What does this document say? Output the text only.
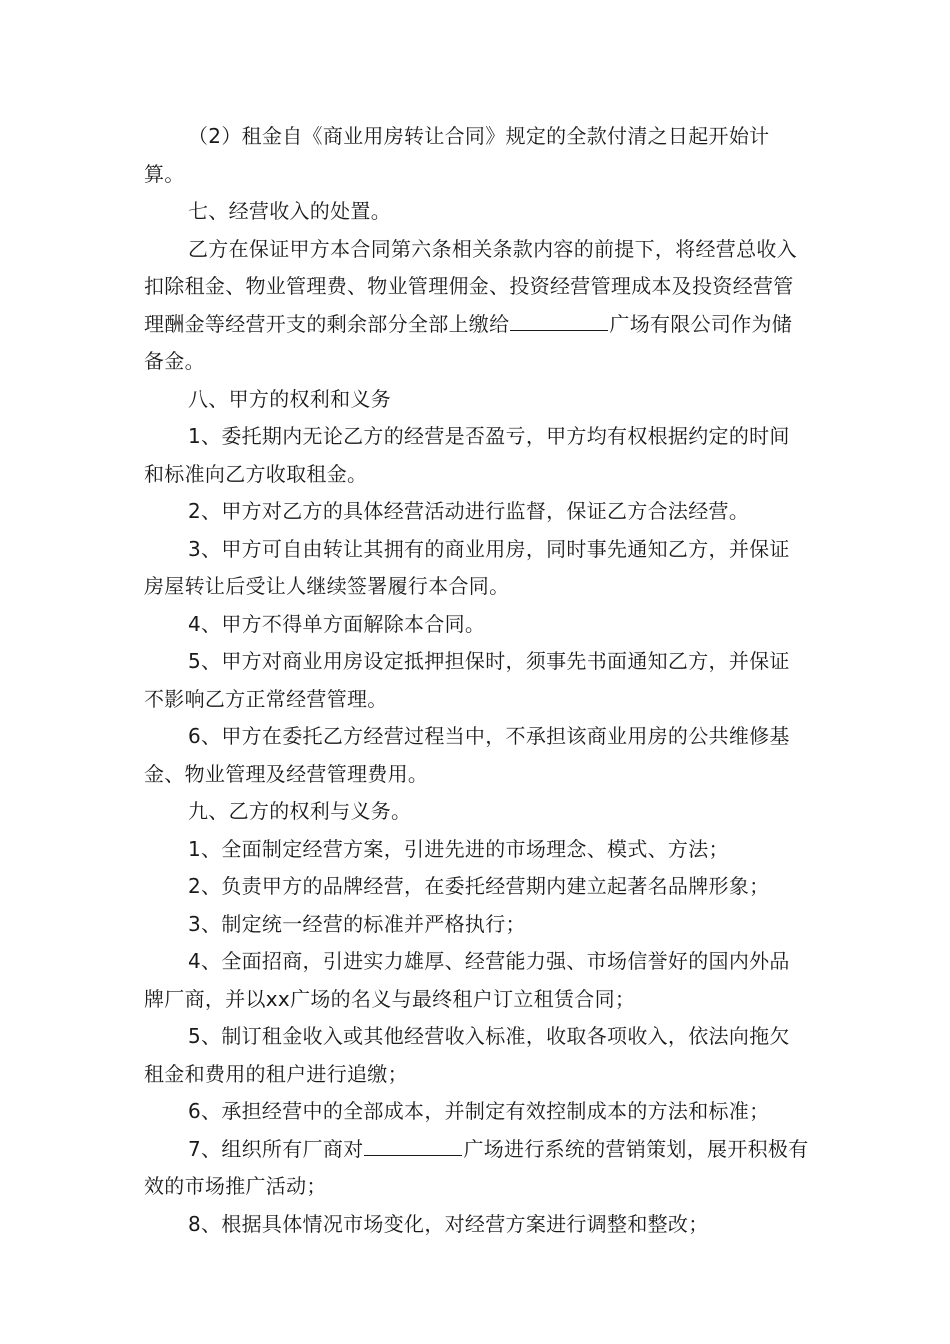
（2）租金自《商业用房转让合同》规定的全款付清之日起开始计算。

七、经营收入的处置。

乙方在保证甲方本合同第六条相关条款内容的前提下，将经营总收入扣除租金、物业管理费、物业管理佣金、投资经营管理成本及投资经营管理酬金等经营开支的剩余部分全部上缴给	广场有限公司作为储备金。

八、甲方的权利和义务

1、委托期内无论乙方的经营是否盈亏，甲方均有权根据约定的时间和标准向乙方收取租金。

2、甲方对乙方的具体经营活动进行监督，保证乙方合法经营。

3、甲方可自由转让其拥有的商业用房，同时事先通知乙方，并保证房屋转让后受让人继续签署履行本合同。

4、甲方不得单方面解除本合同。

5、甲方对商业用房设定抵押担保时，须事先书面通知乙方，并保证不影响乙方正常经营管理。

6、甲方在委托乙方经营过程当中，不承担该商业用房的公共维修基金、物业管理及经营管理费用。

九、乙方的权利与义务。

1、全面制定经营方案，引进先进的市场理念、模式、方法；

2、负责甲方的品牌经营，在委托经营期内建立起著名品牌形象；

3、制定统一经营的标准并严格执行；

4、全面招商，引进实力雄厚、经营能力强、市场信誉好的国内外品牌厂商，并以xx广场的名义与最终租户订立租赁合同；

5、制订租金收入或其他经营收入标准，收取各项收入，依法向拖欠租金和费用的租户进行追缴；

6、承担经营中的全部成本，并制定有效控制成本的方法和标准；

7、组织所有厂商对	广场进行系统的营销策划，展开积极有效的市场推广活动；

8、根据具体情况市场变化，对经营方案进行调整和整改；
